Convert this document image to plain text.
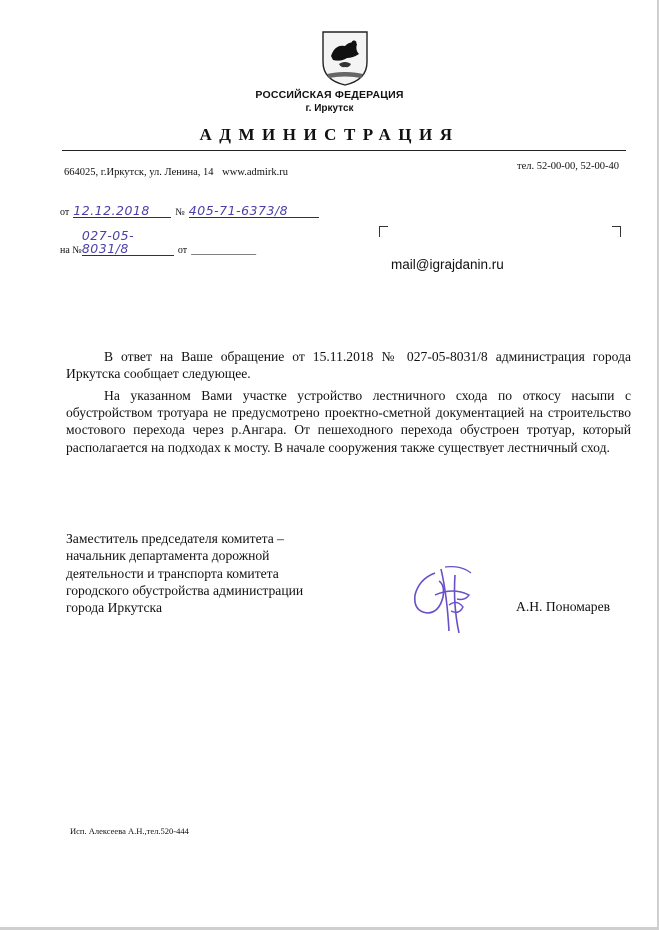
РОССИЙСКАЯ ФЕДЕРАЦИЯ
г. Иркутск
АДМИНИСТРАЦИЯ
664025, г.Иркутск, ул. Ленина, 14 www.admirk.ru
тел. 52-00-00, 52-00-40
от 12.12.2018	№ 405-71-6373/8
на №027-05-8031/8	от _____________
mail@igrajdanin.ru
В ответ на Ваше обращение от 15.11.2018 № 027-05-8031/8 администрация города Иркутска сообщает следующее.
На указанном Вами участке устройство лестничного схода по откосу насыпи с обустройством тротуара не предусмотрено проектно-сметной документацией на строительство мостового перехода через р.Ангара. От пешеходного перехода обустроен тротуар, который располагается на подходах к мосту. В начале сооружения также существует лестничный сход.
Заместитель председателя комитета –
начальник департамента дорожной
деятельности и транспорта комитета
городского обустройства администрации
города Иркутска	А.Н. Пономарев
Исп. Алексеева А.Н.,тел.520-444
